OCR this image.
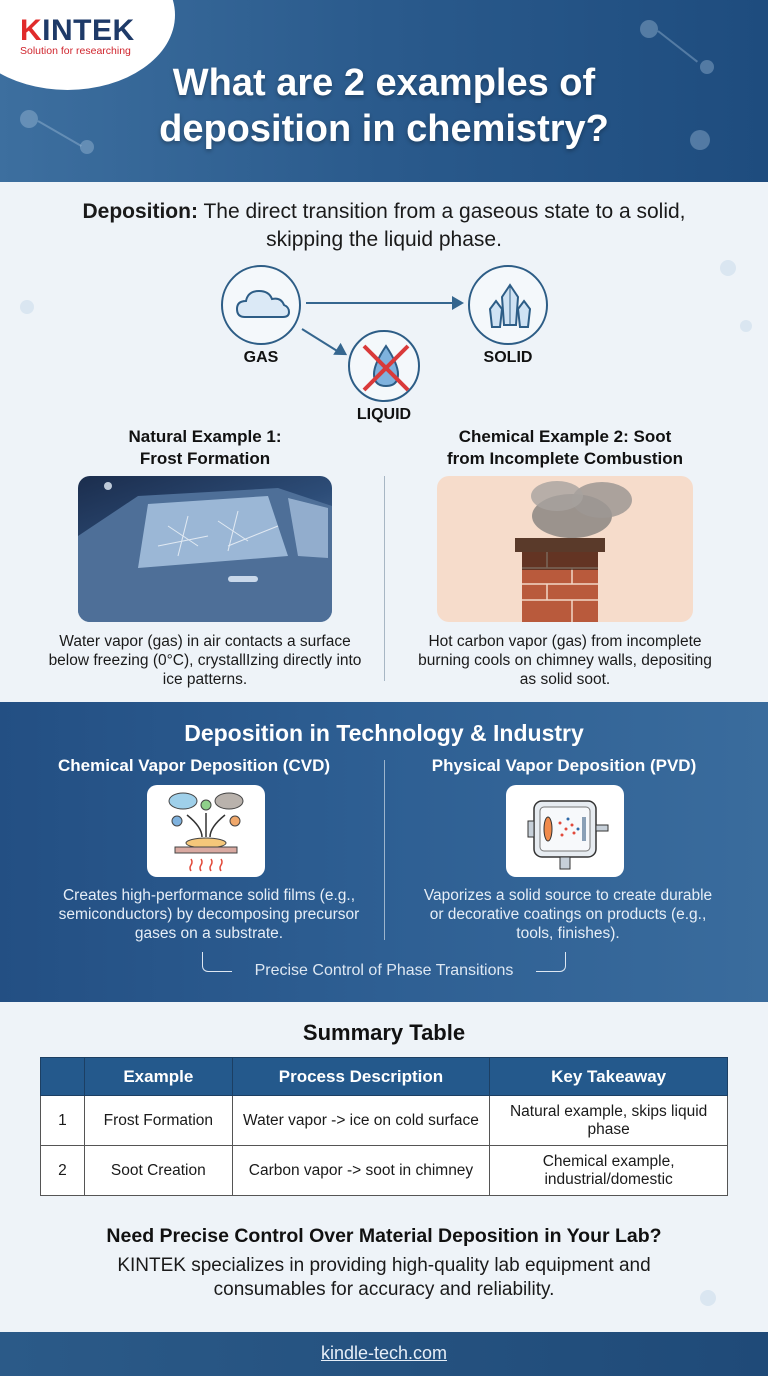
KINTEK
Solution for researching
What are 2 examples of
deposition in chemistry?
Deposition: The direct transition from a gaseous state to a solid, skipping the liquid phase.
GAS	SOLID
LIQUID
Natural Example 1:
Frost Formation
Chemical Example 2: Soot
from Incomplete Combustion
Water vapor (gas) in air contacts a surface below freezing (0°C), crystallIzing directly into ice patterns.
Hot carbon vapor (gas) from incomplete burning cools on chimney walls, depositing as solid soot.
Deposition in Technology & Industry
Chemical Vapor Deposition (CVD)	Physical Vapor Deposition (PVD)
Creates high-performance solid films (e.g., semiconductors) by decomposing precursor gases on a substrate.
Vaporizes a solid source to create durable or decorative coatings on products (e.g., tools, finishes).
Precise Control of Phase Transitions
Summary Table
	Example	Process Description	Key Takeaway
1	Frost Formation	Water vapor -> ice on cold surface	Natural example, skips liquid phase
2	Soot Creation	Carbon vapor -> soot in chimney	Chemical example, industrial/domestic
Need Precise Control Over Material Deposition in Your Lab?
KINTEK specializes in providing high-quality lab equipment and consumables for accuracy and reliability.
kindle-tech.com
